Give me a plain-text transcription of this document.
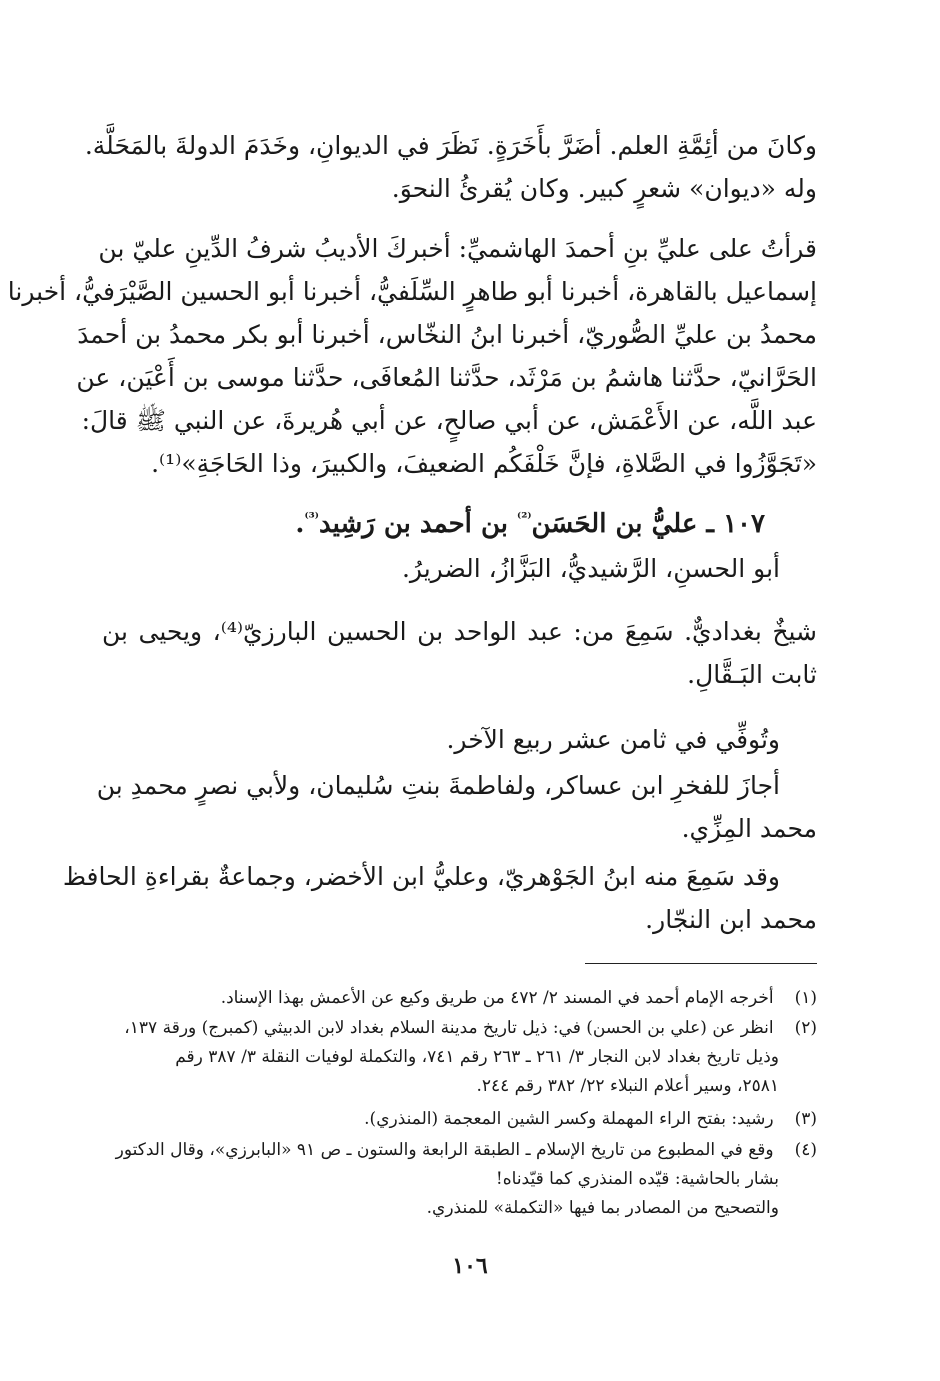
وكانَ من أئِمَّةِ العلم. أضَرَّ بأَخَرَةٍ. نَظَرَ في الديوانِ، وخَدَمَ الدولةَ بالمَحَلَّة.
وله «ديوان» شعرٍ كبير. وكان يُقرئُ النحوَ.
قرأتُ على عليِّ بنِ أحمدَ الهاشميِّ: أخبركَ الأديبُ شرفُ الدِّينِ عليّ بن
إسماعيل بالقاهرة، أخبرنا أبو طاهرٍ السِّلَفيُّ، أخبرنا أبو الحسين الصَّيْرَفيُّ، أخبرنا
محمدُ بن عليِّ الصُّوريّ، أخبرنا ابنُ النخّاس، أخبرنا أبو بكر محمدُ بن أحمدَ
الحَرَّانيّ، حدَّثنا هاشمُ بن مَرْثَد، حدَّثنا المُعافَى، حدَّثنا موسى بن أَعْيَن، عن
عبد اللَّه، عن الأَعْمَش، عن أبي صالحٍ، عن أبي هُريرةَ، عن النبي ﷺ قالَ:
«تَجَوَّزُوا في الصَّلاةِ، فإنَّ خَلْفَكُم الضعيفَ، والكبيرَ، وذا الحَاجَةِ»⁽¹⁾.
١٠٧ ـ عليُّ بن الحَسَن$^{^{(2)}}$ بن أحمد بن رَشِيد$^{^{(3)}}$.
أبو الحسنِ، الرَّشيديُّ، البَزَّازُ، الضريرُ.
شيخٌ بغداديٌّ. سَمِعَ من: عبد الواحد بن الحسين البارزيّ⁽⁴⁾، ويحيى بن
ثابت البَـقَّالِ.
وتُوفِّي في ثامن عشر ربيع الآخر.
أجازَ للفخرِ ابن عساكر، ولفاطمةَ بنتِ سُليمان، ولأبي نصرٍ محمدِ بن
محمد المِزِّي.
وقد سَمِعَ منه ابنُ الجَوْهريّ، وعليُّ ابن الأخضر، وجماعةٌ بقراءةِ الحافظ
محمد ابن النجّار.
(١) أخرجه الإمام أحمد في المسند ٢/ ٤٧٢ من طريق وكيع عن الأعمش بهذا الإسناد.
(٢) انظر عن (علي بن الحسن) في: ذيل تاريخ مدينة السلام بغداد لابن الدبيثي (كمبرج) ورقة ١٣٧،
وذيل تاريخ بغداد لابن النجار ٣/ ٢٦١ ـ ٢٦٣ رقم ٧٤١، والتكملة لوفيات النقلة ٣/ ٣٨٧ رقم
٢٥٨١، وسير أعلام النبلاء ٢٢/ ٣٨٢ رقم ٢٤٤.
(٣) رشيد: بفتح الراء المهملة وكسر الشين المعجمة (المنذري).
(٤) وقع في المطبوع من تاريخ الإسلام ـ الطبقة الرابعة والستون ـ ص ٩١ «البابرزي»، وقال الدكتور
بشار بالحاشية: قيّده المنذري كما قيّدناه!
والتصحيح من المصادر بما فيها «التكملة» للمنذري.
١٠٦
